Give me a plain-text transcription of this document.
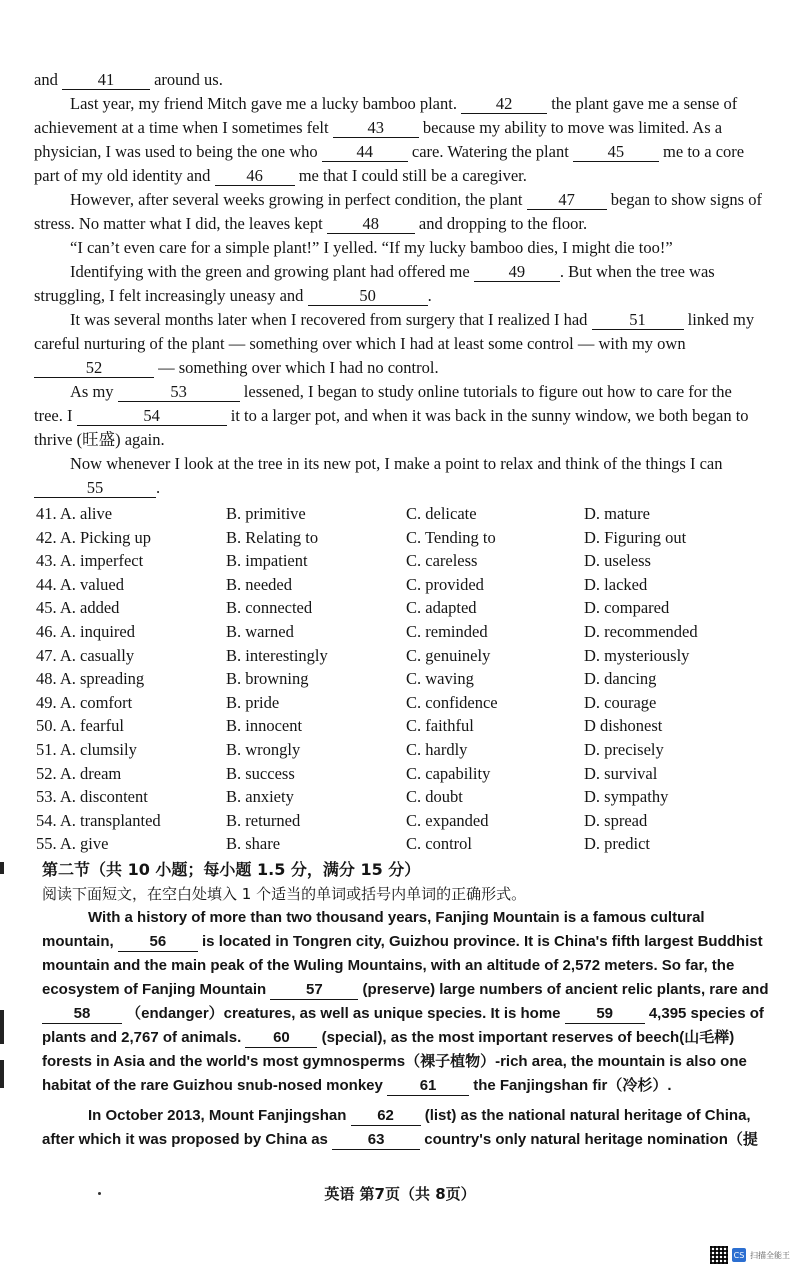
and 41 around us.

Last year, my friend Mitch gave me a lucky bamboo plant. 42 the plant gave me a sense of achievement at a time when I sometimes felt 43 because my ability to move was limited. As a physician, I was used to being the one who 44 care. Watering the plant 45 me to a core part of my old identity and 46 me that I could still be a caregiver.

However, after several weeks growing in perfect condition, the plant 47 began to show signs of stress. No matter what I did, the leaves kept 48 and dropping to the floor.

“I can’t even care for a simple plant!” I yelled. “If my lucky bamboo dies, I might die too!”

Identifying with the green and growing plant had offered me 49 . But when the tree was struggling, I felt increasingly uneasy and	50	.

It was several months later when I recovered from surgery that I realized I had	51	linked my careful nurturing of the plant — something over which I had at least some control — with my own 52	— something over which I had no control.

As my	53	lessened, I began to study online tutorials to figure out how to care for the tree. I	54	it to a larger pot, and when it was back in the sunny window, we both began to thrive (旺盛) again.

Now whenever I look at the tree in its new pot, I make a point to relax and think of the things I can 55	.

41. A. alive	B. primitive	C. delicate	D. mature
42. A. Picking up	B. Relating to	C. Tending to	D. Figuring out
43. A. imperfect	B. impatient	C. careless	D. useless
44. A. valued	B. needed	C. provided	D. lacked
45. A. added	B. connected	C. adapted	D. compared
46. A. inquired	B. warned	C. reminded	D. recommended
47. A. casually	B. interestingly	C. genuinely	D. mysteriously
48. A. spreading	B. browning	C. waving	D. dancing
49. A. comfort	B. pride	C. confidence	D. courage
50. A. fearful	B. innocent	C. faithful	D dishonest
51. A. clumsily	B. wrongly	C. hardly	D. precisely
52. A. dream	B. success	C. capability	D. survival
53. A. discontent	B. anxiety	C. doubt	D. sympathy
54. A. transplanted	B. returned	C. expanded	D. spread
55. A. give	B. share	C. control	D. predict

第二节（共 10 小题；每小题 1.5 分，满分 15 分）

阅读下面短文，在空白处填入 1 个适当的单词或括号内单词的正确形式。

With a history of more than two thousand years, Fanjing Mountain is a famous cultural mountain, 56 is located in Tongren city, Guizhou province. It is China's fifth largest Buddhist mountain and the main peak of the Wuling Mountains, with an altitude of 2,572 meters. So far, the ecosystem of Fanjing Mountain	57	(preserve) large numbers of ancient relic plants, rare and 58 （endanger）creatures, as well as unique species. It is home 59 4,395 species of plants and 2,767 of animals. 60 (special), as the most important reserves of beech(山毛榉) forests in Asia and the world's most gymnosperms（裸子植物）-rich area, the mountain is also one habitat of the rare Guizhou snub-nosed monkey 61 the Fanjingshan fir（冷杉）.

In October 2013, Mount Fanjingshan 62 (list) as the national natural heritage of China, after which it was proposed by China as	63	country's only natural heritage nomination（提

英语 第7页（共 8页）
CS 扫描全能王
